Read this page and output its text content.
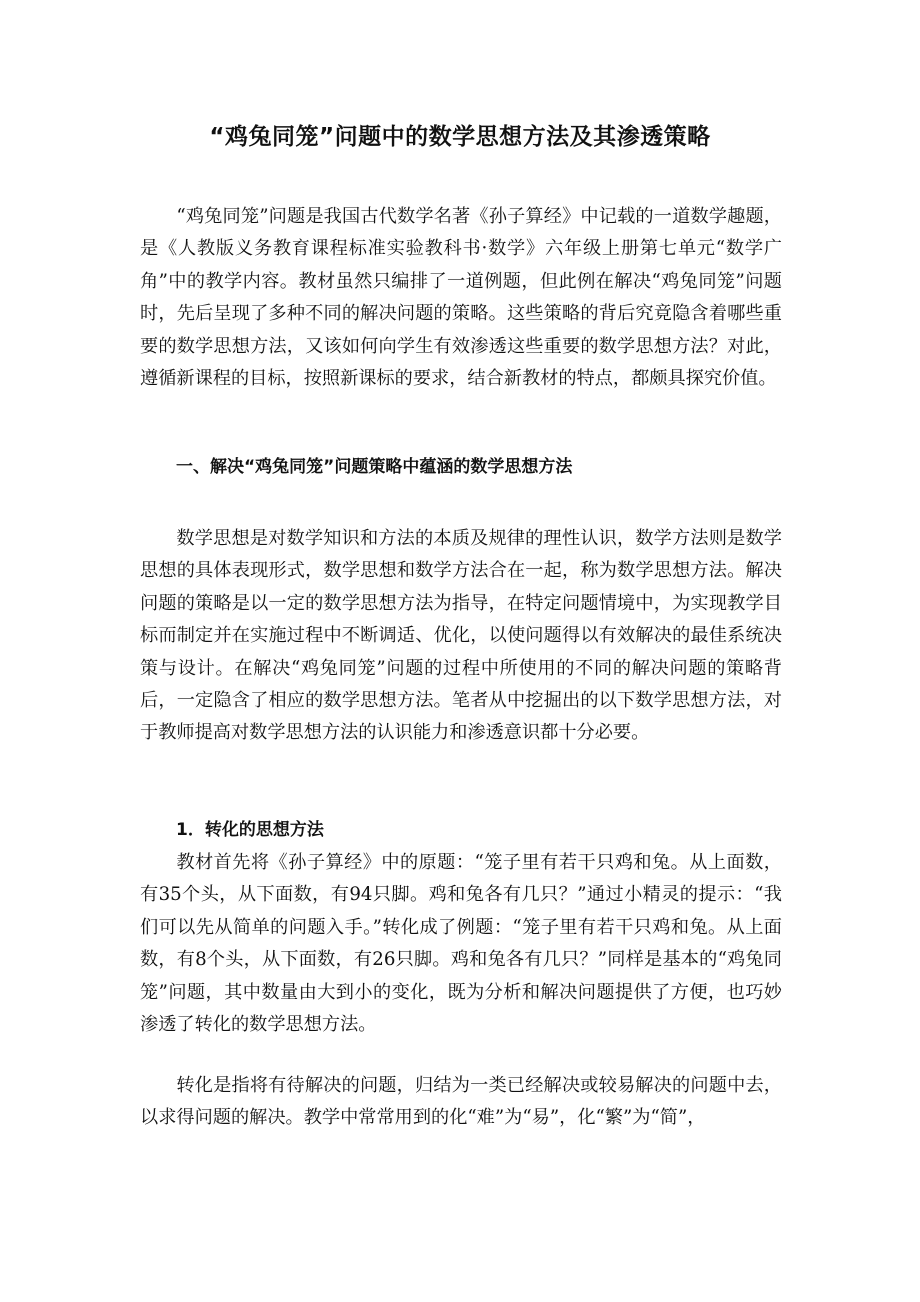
“鸡兔同笼”问题中的数学思想方法及其渗透策略

“鸡兔同笼”问题是我国古代数学名著《孙子算经》中记载的一道数学趣题，是《人教版义务教育课程标准实验教科书·数学》六年级上册第七单元“数学广角”中的教学内容。教材虽然只编排了一道例题，但此例在解决“鸡兔同笼”问题时，先后呈现了多种不同的解决问题的策略。这些策略的背后究竟隐含着哪些重要的数学思想方法，又该如何向学生有效渗透这些重要的数学思想方法？对此，遵循新课程的目标，按照新课标的要求，结合新教材的特点，都颇具探究价值。

一、解决“鸡兔同笼”问题策略中蕴涵的数学思想方法

数学思想是对数学知识和方法的本质及规律的理性认识，数学方法则是数学思想的具体表现形式，数学思想和数学方法合在一起，称为数学思想方法。解决问题的策略是以一定的数学思想方法为指导，在特定问题情境中，为实现教学目标而制定并在实施过程中不断调适、优化，以使问题得以有效解决的最佳系统决策与设计。在解决“鸡兔同笼”问题的过程中所使用的不同的解决问题的策略背后，一定隐含了相应的数学思想方法。笔者从中挖掘出的以下数学思想方法，对于教师提高对数学思想方法的认识能力和渗透意识都十分必要。

1．转化的思想方法

教材首先将《孙子算经》中的原题：“笼子里有若干只鸡和兔。从上面数，有35个头，从下面数，有94只脚。鸡和兔各有几只？”通过小精灵的提示：“我们可以先从简单的问题入手。”转化成了例题：“笼子里有若干只鸡和兔。从上面数，有8个头，从下面数，有26只脚。鸡和兔各有几只？”同样是基本的“鸡兔同笼”问题，其中数量由大到小的变化，既为分析和解决问题提供了方便，也巧妙渗透了转化的数学思想方法。

转化是指将有待解决的问题，归结为一类已经解决或较易解决的问题中去，以求得问题的解决。教学中常常用到的化“难”为“易”，化“繁”为“简”，
